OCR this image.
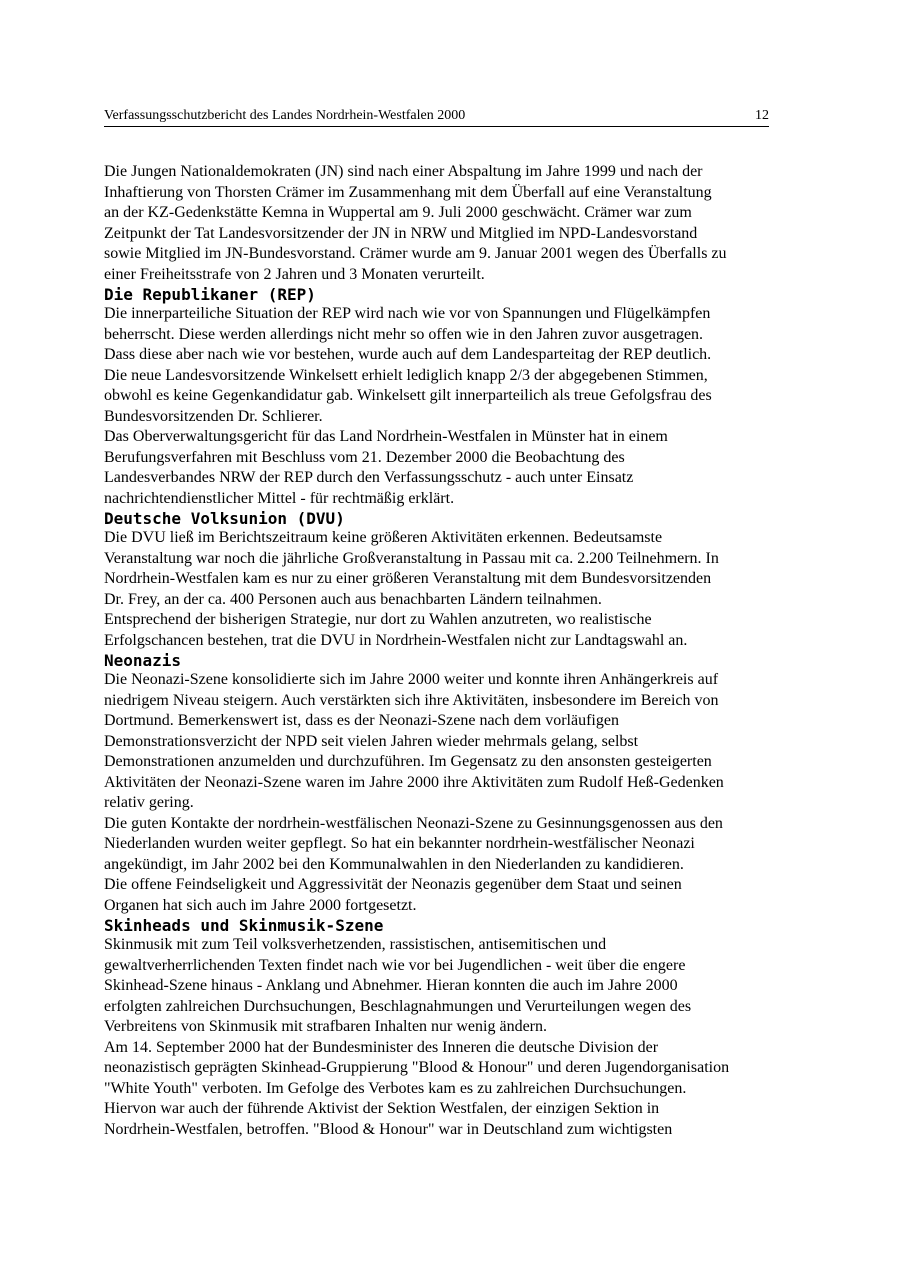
Verfassungsschutzbericht des Landes Nordrhein-Westfalen 2000	12

Die Jungen Nationaldemokraten (JN) sind nach einer Abspaltung im Jahre 1999 und nach der
Inhaftierung von Thorsten Crämer im Zusammenhang mit dem Überfall auf eine Veranstaltung
an der KZ-Gedenkstätte Kemna in Wuppertal am 9. Juli 2000 geschwächt. Crämer war zum
Zeitpunkt der Tat Landesvorsitzender der JN in NRW und Mitglied im NPD-Landesvorstand
sowie Mitglied im JN-Bundesvorstand. Crämer wurde am 9. Januar 2001 wegen des Überfalls zu
einer Freiheitsstrafe von 2 Jahren und 3 Monaten verurteilt.

Die Republikaner (REP)

Die innerparteiliche Situation der REP wird nach wie vor von Spannungen und Flügelkämpfen
beherrscht. Diese werden allerdings nicht mehr so offen wie in den Jahren zuvor ausgetragen.
Dass diese aber nach wie vor bestehen, wurde auch auf dem Landesparteitag der REP deutlich.
Die neue Landesvorsitzende Winkelsett erhielt lediglich knapp 2/3 der abgegebenen Stimmen,
obwohl es keine Gegenkandidatur gab. Winkelsett gilt innerparteilich als treue Gefolgsfrau des
Bundesvorsitzenden Dr. Schlierer.

Das Oberverwaltungsgericht für das Land Nordrhein-Westfalen in Münster hat in einem
Berufungsverfahren mit Beschluss vom 21. Dezember 2000 die Beobachtung des
Landesverbandes NRW der REP durch den Verfassungsschutz - auch unter Einsatz
nachrichtendienstlicher Mittel - für rechtmäßig erklärt.

Deutsche Volksunion (DVU)

Die DVU ließ im Berichtszeitraum keine größeren Aktivitäten erkennen. Bedeutsamste
Veranstaltung war noch die jährliche Großveranstaltung in Passau mit ca. 2.200 Teilnehmern. In
Nordrhein-Westfalen kam es nur zu einer größeren Veranstaltung mit dem Bundesvorsitzenden
Dr. Frey, an der ca. 400 Personen auch aus benachbarten Ländern teilnahmen.

Entsprechend der bisherigen Strategie, nur dort zu Wahlen anzutreten, wo realistische
Erfolgschancen bestehen, trat die DVU in Nordrhein-Westfalen nicht zur Landtagswahl an.

Neonazis

Die Neonazi-Szene konsolidierte sich im Jahre 2000 weiter und konnte ihren Anhängerkreis auf
niedrigem Niveau steigern. Auch verstärkten sich ihre Aktivitäten, insbesondere im Bereich von
Dortmund. Bemerkenswert ist, dass es der Neonazi-Szene nach dem vorläufigen
Demonstrationsverzicht der NPD seit vielen Jahren wieder mehrmals gelang, selbst
Demonstrationen anzumelden und durchzuführen. Im Gegensatz zu den ansonsten gesteigerten
Aktivitäten der Neonazi-Szene waren im Jahre 2000 ihre Aktivitäten zum Rudolf Heß-Gedenken
relativ gering.

Die guten Kontakte der nordrhein-westfälischen Neonazi-Szene zu Gesinnungsgenossen aus den
Niederlanden wurden weiter gepflegt. So hat ein bekannter nordrhein-westfälischer Neonazi
angekündigt, im Jahr 2002 bei den Kommunalwahlen in den Niederlanden zu kandidieren.

Die offene Feindseligkeit und Aggressivität der Neonazis gegenüber dem Staat und seinen
Organen hat sich auch im Jahre 2000 fortgesetzt.

Skinheads und Skinmusik-Szene

Skinmusik mit zum Teil volksverhetzenden, rassistischen, antisemitischen und
gewaltverherrlichenden Texten findet nach wie vor bei Jugendlichen - weit über die engere
Skinhead-Szene hinaus - Anklang und Abnehmer. Hieran konnten die auch im Jahre 2000
erfolgten zahlreichen Durchsuchungen, Beschlagnahmungen und Verurteilungen wegen des
Verbreitens von Skinmusik mit strafbaren Inhalten nur wenig ändern.

Am 14. September 2000 hat der Bundesminister des Inneren die deutsche Division der
neonazistisch geprägten Skinhead-Gruppierung "Blood & Honour" und deren Jugendorganisation
"White Youth" verboten. Im Gefolge des Verbotes kam es zu zahlreichen Durchsuchungen.
Hiervon war auch der führende Aktivist der Sektion Westfalen, der einzigen Sektion in
Nordrhein-Westfalen, betroffen. "Blood & Honour" war in Deutschland zum wichtigsten
